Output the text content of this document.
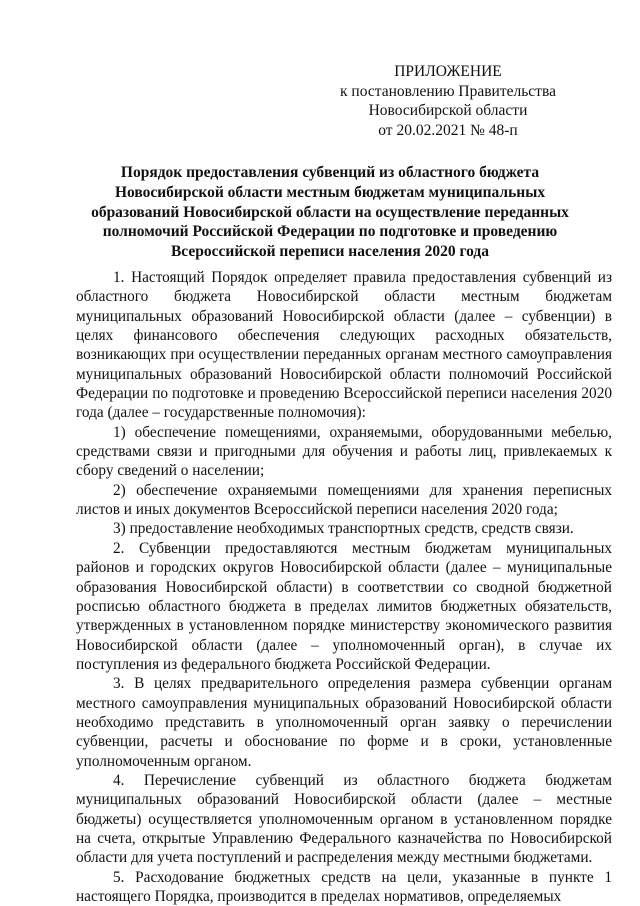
ПРИЛОЖЕНИЕ
к постановлению Правительства
Новосибирской области
от 20.02.2021 № 48-п
Порядок предоставления субвенций из областного бюджета Новосибирской области местным бюджетам муниципальных образований Новосибирской области на осуществление переданных полномочий Российской Федерации по подготовке и проведению Всероссийской переписи населения 2020 года

1. Настоящий Порядок определяет правила предоставления субвенций из областного бюджета Новосибирской области местным бюджетам муниципальных образований Новосибирской области (далее – субвенции) в целях финансового обеспечения следующих расходных обязательств, возникающих при осуществлении переданных органам местного самоуправления муниципальных образований Новосибирской области полномочий Российской Федерации по подготовке и проведению Всероссийской переписи населения 2020 года (далее – государственные полномочия):

1) обеспечение помещениями, охраняемыми, оборудованными мебелью, средствами связи и пригодными для обучения и работы лиц, привлекаемых к сбору сведений о населении;

2) обеспечение охраняемыми помещениями для хранения переписных листов и иных документов Всероссийской переписи населения 2020 года;

3) предоставление необходимых транспортных средств, средств связи.

2. Субвенции предоставляются местным бюджетам муниципальных районов и городских округов Новосибирской области (далее – муниципальные образования Новосибирской области) в соответствии со сводной бюджетной росписью областного бюджета в пределах лимитов бюджетных обязательств, утвержденных в установленном порядке министерству экономического развития Новосибирской области (далее – уполномоченный орган), в случае их поступления из федерального бюджета Российской Федерации.

3. В целях предварительного определения размера субвенции органам местного самоуправления муниципальных образований Новосибирской области необходимо представить в уполномоченный орган заявку о перечислении субвенции, расчеты и обоснование по форме и в сроки, установленные уполномоченным органом.

4. Перечисление субвенций из областного бюджета бюджетам муниципальных образований Новосибирской области (далее – местные бюджеты) осуществляется уполномоченным органом в установленном порядке на счета, открытые Управлению Федерального казначейства по Новосибирской области для учета поступлений и распределения между местными бюджетами.

5. Расходование бюджетных средств на цели, указанные в пункте 1 настоящего Порядка, производится в пределах нормативов, определяемых
